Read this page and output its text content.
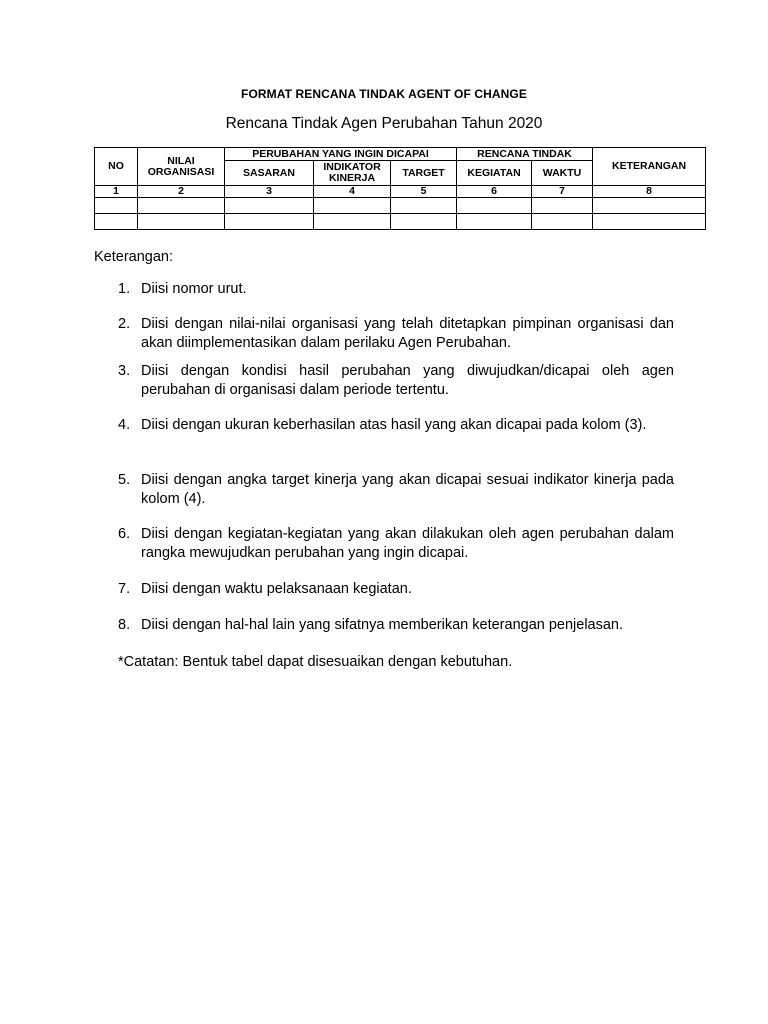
FORMAT RENCANA TINDAK AGENT OF CHANGE
Rencana Tindak Agen Perubahan Tahun 2020
NO	NILAI ORGANISASI	PERUBAHAN YANG INGIN DICAPAI			RENCANA TINDAK		KETERANGAN
		SASARAN	INDIKATOR KINERJA	TARGET	KEGIATAN	WAKTU	
1	2	3	4	5	6	7	8

Keterangan:
1. Diisi nomor urut.
2. Diisi dengan nilai-nilai organisasi yang telah ditetapkan pimpinan organisasi dan akan diimplementasikan dalam perilaku Agen Perubahan.
3. Diisi dengan kondisi hasil perubahan yang diwujudkan/dicapai oleh agen perubahan di organisasi dalam periode tertentu.
4. Diisi dengan ukuran keberhasilan atas hasil yang akan dicapai pada kolom (3).
5. Diisi dengan angka target kinerja yang akan dicapai sesuai indikator kinerja pada kolom (4).
6. Diisi dengan kegiatan-kegiatan yang akan dilakukan oleh agen perubahan dalam rangka mewujudkan perubahan yang ingin dicapai.
7. Diisi dengan waktu pelaksanaan kegiatan.
8. Diisi dengan hal-hal lain yang sifatnya memberikan keterangan penjelasan.
*Catatan: Bentuk tabel dapat disesuaikan dengan kebutuhan.
